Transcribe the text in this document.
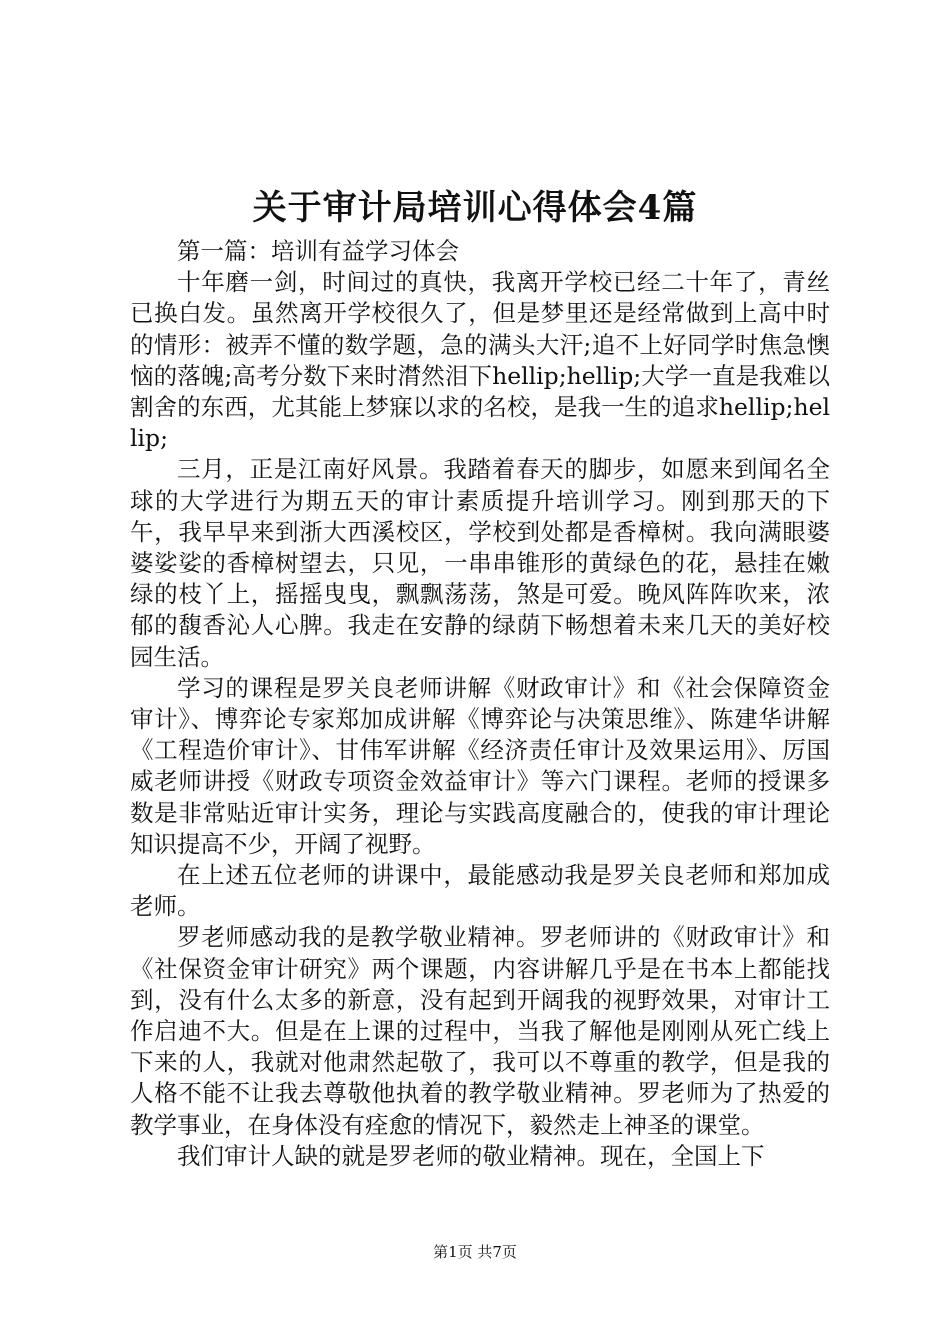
关于审计局培训心得体会4篇

第一篇：培训有益学习体会

十年磨一剑，时间过的真快，我离开学校已经二十年了，青丝已换白发。虽然离开学校很久了，但是梦里还是经常做到上高中时的情形：被弄不懂的数学题，急的满头大汗;追不上好同学时焦急懊恼的落魄;高考分数下来时潸然泪下hellip;hellip;大学一直是我难以割舍的东西，尤其能上梦寐以求的名校，是我一生的追求hellip;hellip;

三月，正是江南好风景。我踏着春天的脚步，如愿来到闻名全球的大学进行为期五天的审计素质提升培训学习。刚到那天的下午，我早早来到浙大西溪校区，学校到处都是香樟树。我向满眼婆婆娑娑的香樟树望去，只见，一串串锥形的黄绿色的花，悬挂在嫩绿的枝丫上，摇摇曳曳，飘飘荡荡，煞是可爱。晚风阵阵吹来，浓郁的馥香沁人心脾。我走在安静的绿荫下畅想着未来几天的美好校园生活。

学习的课程是罗关良老师讲解《财政审计》和《社会保障资金审计》、博弈论专家郑加成讲解《博弈论与决策思维》、陈建华讲解《工程造价审计》、甘伟军讲解《经济责任审计及效果运用》、厉国威老师讲授《财政专项资金效益审计》等六门课程。老师的授课多数是非常贴近审计实务，理论与实践高度融合的，使我的审计理论知识提高不少，开阔了视野。

在上述五位老师的讲课中，最能感动我是罗关良老师和郑加成老师。

罗老师感动我的是教学敬业精神。罗老师讲的《财政审计》和《社保资金审计研究》两个课题，内容讲解几乎是在书本上都能找到，没有什么太多的新意，没有起到开阔我的视野效果，对审计工作启迪不大。但是在上课的过程中，当我了解他是刚刚从死亡线上下来的人，我就对他肃然起敬了，我可以不尊重的教学，但是我的人格不能不让我去尊敬他执着的教学敬业精神。罗老师为了热爱的教学事业，在身体没有痊愈的情况下，毅然走上神圣的课堂。

我们审计人缺的就是罗老师的敬业精神。现在，全国上下

第1页 共7页
